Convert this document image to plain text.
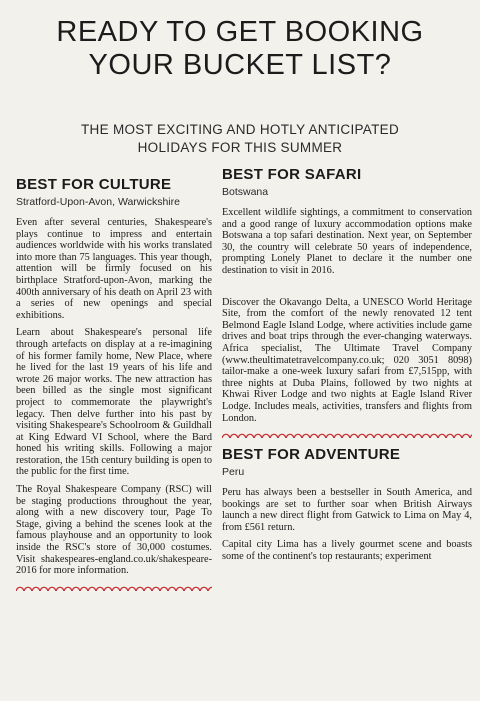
READY TO GET BOOKING
YOUR BUCKET LIST?

THE MOST EXCITING AND HOTLY ANTICIPATED
HOLIDAYS FOR THIS SUMMER

BEST FOR CULTURE

Stratford-Upon-Avon, Warwickshire

Even after several centuries, Shakespeare's plays continue to impress and entertain audiences worldwide with his works translated into more than 75 languages. This year though, attention will be firmly focused on his birthplace Stratford-upon-Avon, marking the 400th anniversary of his death on April 23 with a series of new openings and special exhibitions.

Learn about Shakespeare's personal life through artefacts on display at a re-imagining of his former family home, New Place, where he lived for the last 19 years of his life and wrote 26 major works. The new attraction has been billed as the single most significant project to commemorate the playwright's legacy. Then delve further into his past by visiting Shakespeare's Schoolroom & Guildhall at King Edward VI School, where the Bard honed his writing skills. Following a major restoration, the 15th century building is open to the public for the first time.

The Royal Shakespeare Company (RSC) will be staging productions throughout the year, along with a new discovery tour, Page To Stage, giving a behind the scenes look at the famous playhouse and an opportunity to look inside the RSC's store of 30,000 costumes. Visit shakespeares-england.co.uk/shakespeare-2016 for more information.

BEST FOR SAFARI

Botswana

Excellent wildlife sightings, a commitment to conservation and a good range of luxury accommodation options make Botswana a top safari destination. Next year, on September 30, the country will celebrate 50 years of independence, prompting Lonely Planet to declare it the number one destination to visit in 2016.

Discover the Okavango Delta, a UNESCO World Heritage Site, from the comfort of the newly renovated 12 tent Belmond Eagle Island Lodge, where activities include game drives and boat trips through the ever-changing waterways. Africa specialist, The Ultimate Travel Company (www.theultimatetravelcompany.co.uk; 020 3051 8098) tailor-make a one-week luxury safari from £7,515pp, with three nights at Duba Plains, followed by two nights at Khwai River Lodge and two nights at Eagle Island River Lodge. Includes meals, activities, transfers and flights from London.

BEST FOR ADVENTURE

Peru

Peru has always been a bestseller in South America, and bookings are set to further soar when British Airways launch a new direct flight from Gatwick to Lima on May 4, from £561 return.

Capital city Lima has a lively gourmet scene and boasts some of the continent's top restaurants; experiment
